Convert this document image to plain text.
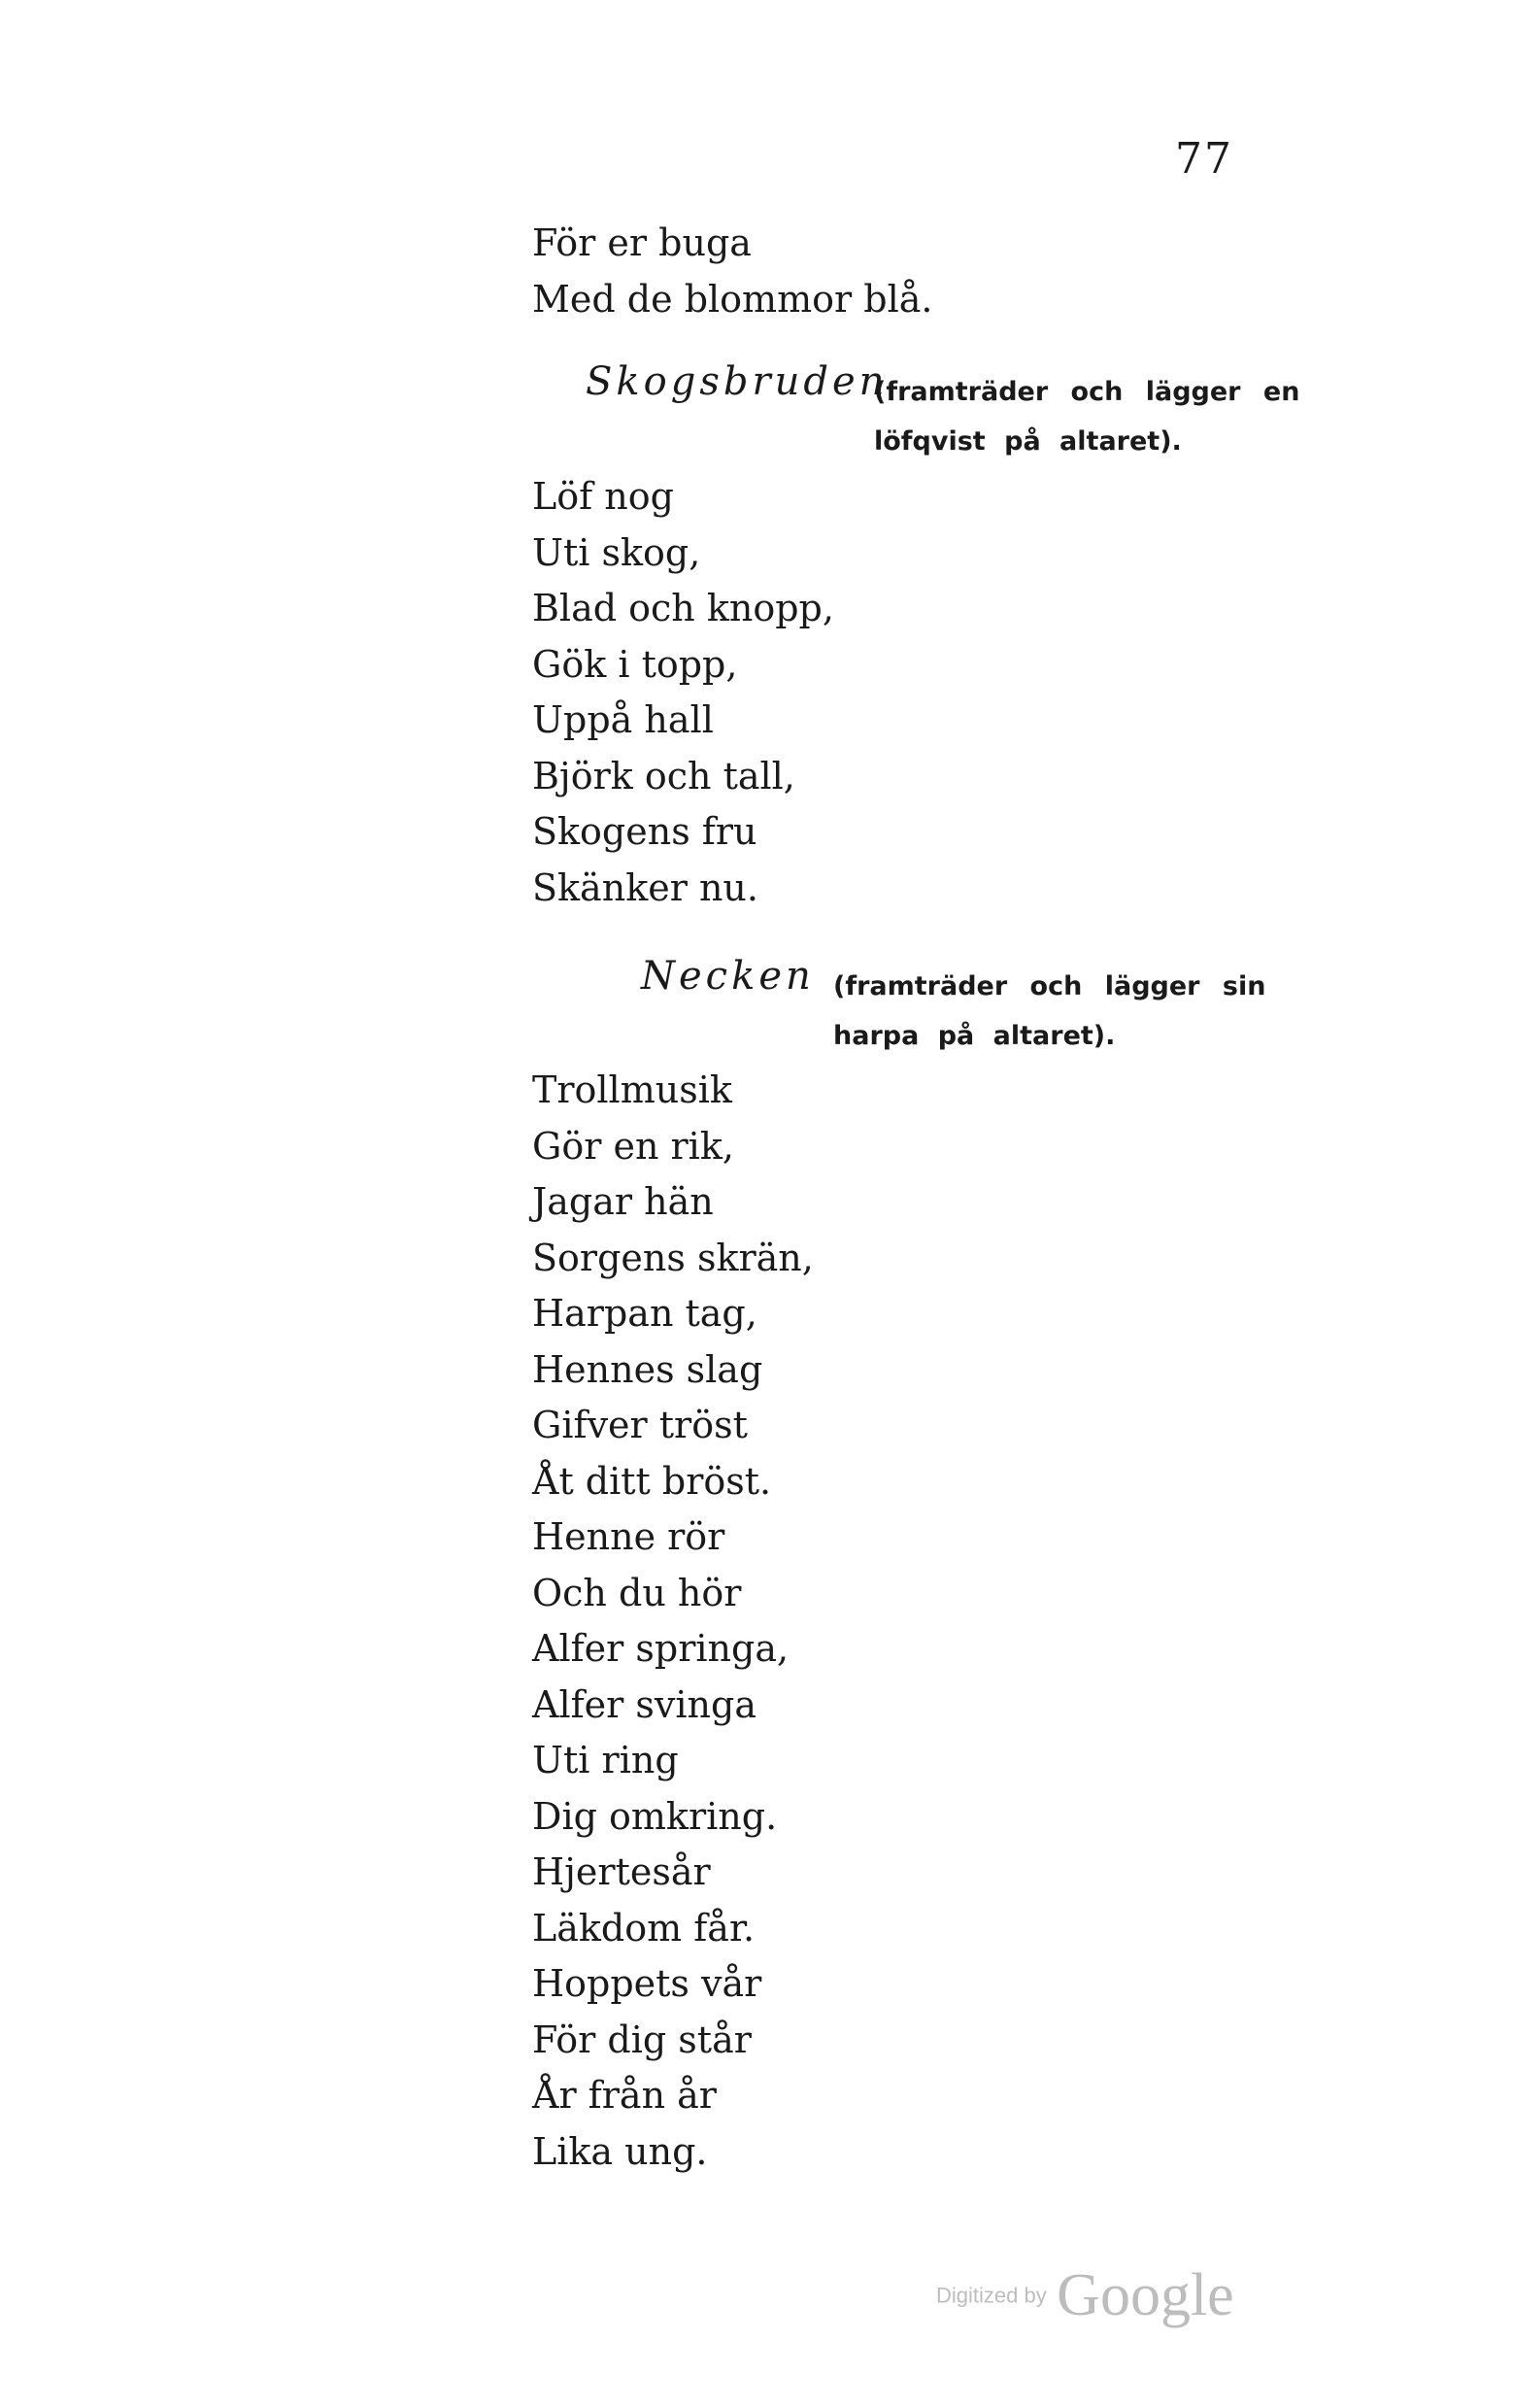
77
För er buga
Med de blommor blå.
Skogsbruden
(framträder och lägger en
löfqvist på altaret).
Löf nog
Uti skog,
Blad och knopp,
Gök i topp,
Uppå hall
Björk och tall,
Skogens fru
Skänker nu.
Necken (framträder och lägger sin
harpa på altaret).
Trollmusik
Gör en rik,
Jagar hän
Sorgens skrän,
Harpan tag,
Hennes slag
Gifver tröst
Åt ditt bröst.
Henne rör
Och du hör
Alfer springa,
Alfer svinga
Uti ring
Dig omkring.
Hjertesår
Läkdom får.
Hoppets vår
För dig står
År från år
Lika ung.
Digitized by Google
